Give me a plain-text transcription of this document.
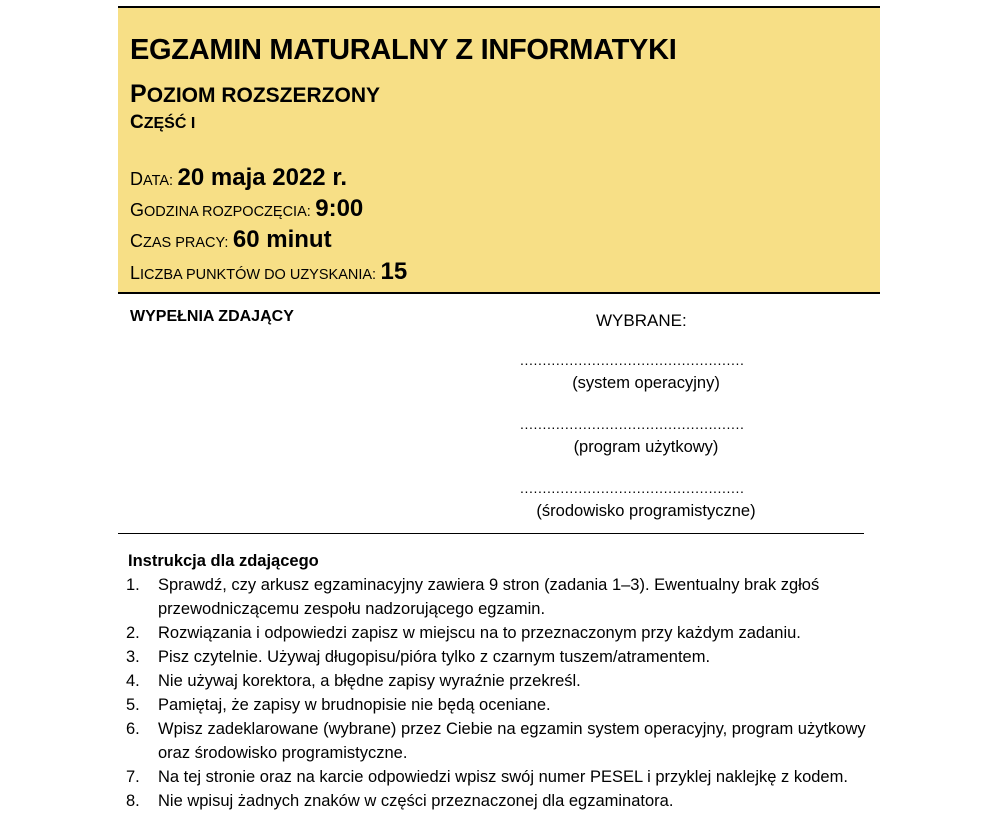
EGZAMIN MATURALNY Z INFORMATYKI
POZIOM ROZSZERZONY
CZĘŚĆ I
DATA: 20 maja 2022 r.
GODZINA ROZPOCZĘCIA: 9:00
CZAS PRACY: 60 minut
LICZBA PUNKTÓW DO UZYSKANIA: 15
WYPEŁNIA ZDAJĄCY	WYBRANE:
..................................................
(system operacyjny)
..................................................
(program użytkowy)
..................................................
(środowisko programistyczne)
Instrukcja dla zdającego
1. Sprawdź, czy arkusz egzaminacyjny zawiera 9 stron (zadania 1–3). Ewentualny brak zgłoś przewodniczącemu zespołu nadzorującego egzamin.
2. Rozwiązania i odpowiedzi zapisz w miejscu na to przeznaczonym przy każdym zadaniu.
3. Pisz czytelnie. Używaj długopisu/pióra tylko z czarnym tuszem/atramentem.
4. Nie używaj korektora, a błędne zapisy wyraźnie przekreśl.
5. Pamiętaj, że zapisy w brudnopisie nie będą oceniane.
6. Wpisz zadeklarowane (wybrane) przez Ciebie na egzamin system operacyjny, program użytkowy oraz środowisko programistyczne.
7. Na tej stronie oraz na karcie odpowiedzi wpisz swój numer PESEL i przyklej naklejkę z kodem.
8. Nie wpisuj żadnych znaków w części przeznaczonej dla egzaminatora.
